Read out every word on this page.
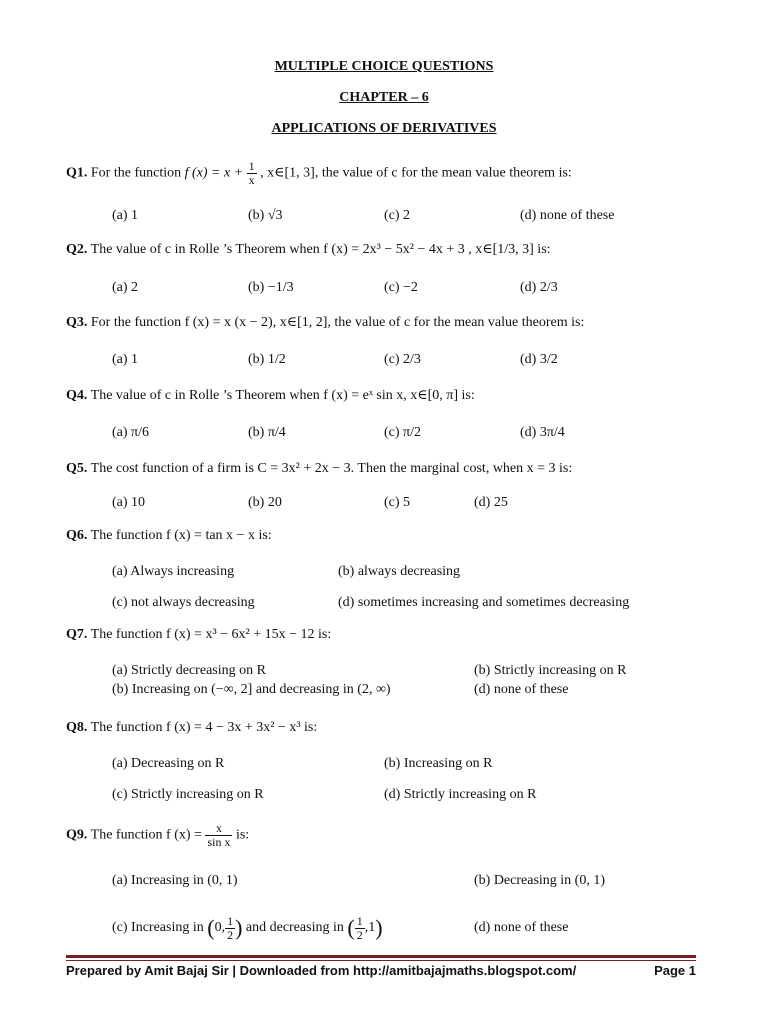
MULTIPLE CHOICE QUESTIONS
CHAPTER – 6
APPLICATIONS OF DERIVATIVES
Q1. For the function f $(x) = x + \frac{1}{x}$ , x∈[1, 3], the value of c for the mean value theorem is:
(a) 1	(b) √3	(c) 2	(d) none of these
Q2. The value of c in Rolle ’s Theorem when f (x) = 2x³ − 5x² − 4x + 3 , x∈[1/3, 3] is:
(a) 2	(b) −1/3	(c) −2	(d) 2/3
Q3. For the function f (x) = x (x − 2), x∈[1, 2], the value of c for the mean value theorem is:
(a) 1	(b) 1/2	(c) 2/3	(d) 3/2
Q4. The value of c in Rolle ’s Theorem when f (x) = eˣ sin x, x∈[0, π] is:
(a) π/6	(b) π/4	(c) π/2	(d) 3π/4
Q5. The cost function of a firm is C = 3x² + 2x − 3. Then the marginal cost, when x = 3 is:
(a) 10	(b) 20	(c) 5	(d) 25
Q6. The function f (x) = tan x − x is:
(a) Always increasing	(b) always decreasing
(c) not always decreasing	(d) sometimes increasing and sometimes decreasing
Q7. The function f (x) = x³ − 6x² + 15x − 12 is:
(a) Strictly decreasing on R	(b) Strictly increasing on R
(b) Increasing on (−∞, 2] and decreasing in (2, ∞)	(d) none of these
Q8. The function f (x) = 4 − 3x + 3x² − x³ is:
(a) Decreasing on R	(b) Increasing on R
(c) Strictly increasing on R	(d) Strictly increasing on R
Q9. The function f $(x) = \frac{x}{\text{sin x}}$ is:
(a) Increasing in (0, 1)	(b) Decreasing in (0, 1)
(c) Increasing in (0, $\frac{1}{2}$ ) and decreasing in ( $\frac{1}{2} ,1$)	(d) none of these
Prepared by Amit Bajaj Sir | Downloaded from http://amitbajajmaths.blogspot.com/	Page 1
